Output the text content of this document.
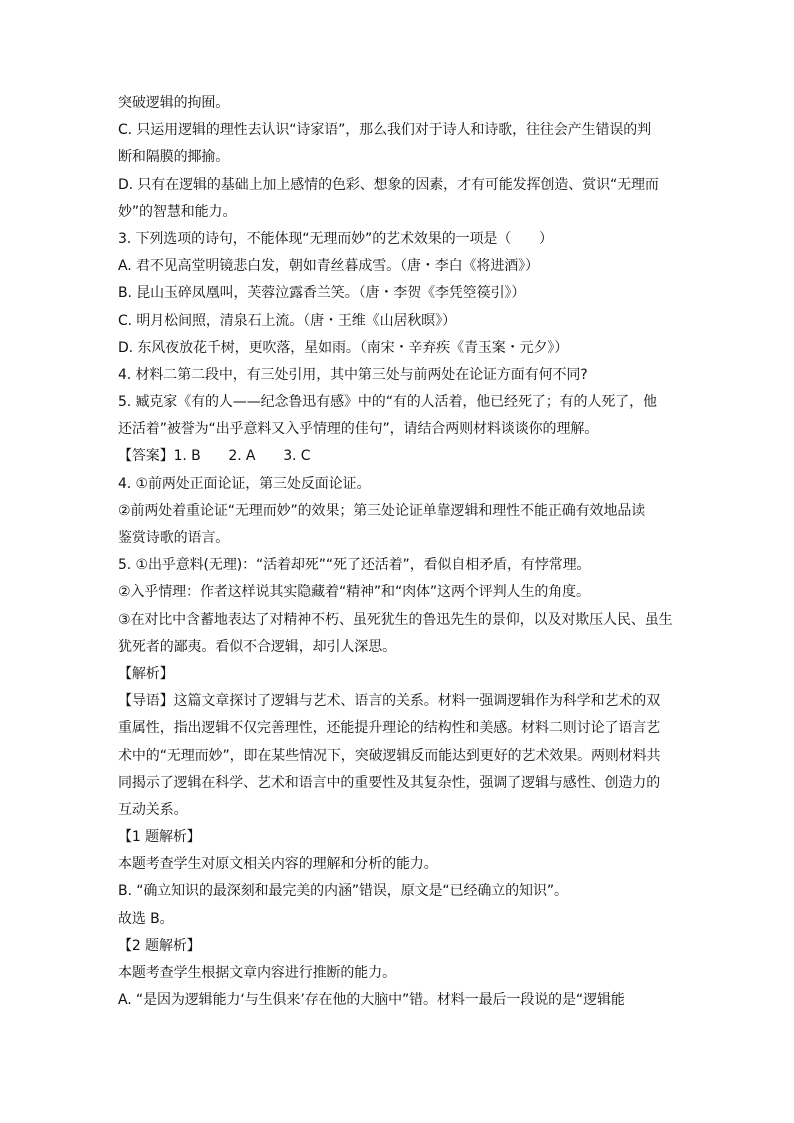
突破逻辑的拘囿。
C. 只运用逻辑的理性去认识“诗家语”，那么我们对于诗人和诗歌，往往会产生错误的判
断和隔膜的揶揄。
D. 只有在逻辑的基础上加上感情的色彩、想象的因素，才有可能发挥创造、赏识“无理而
妙”的智慧和能力。
3. 下列选项的诗句，不能体现“无理而妙”的艺术效果的一项是（　　）
A. 君不见高堂明镜悲白发，朝如青丝暮成雪。（唐・李白《将进酒》）
B. 昆山玉碎凤凰叫，芙蓉泣露香兰笑。（唐・李贺《李凭箜篌引》）
C. 明月松间照，清泉石上流。（唐・王维《山居秋暝》）
D. 东风夜放花千树，更吹落，星如雨。（南宋・辛弃疾《青玉案・元夕》）
4. 材料二第二段中，有三处引用，其中第三处与前两处在论证方面有何不同?
5. 臧克家《有的人——纪念鲁迅有感》中的“有的人活着，他已经死了；有的人死了，他
还活着”被誉为“出乎意料又入乎情理的佳句”，请结合两则材料谈谈你的理解。
【答案】1. B　　2. A　　3. C
4. ①前两处正面论证，第三处反面论证。
②前两处着重论证“无理而妙”的效果；第三处论证单靠逻辑和理性不能正确有效地品读
鉴赏诗歌的语言。
5. ①出乎意料(无理)：“活着却死”“死了还活着”，看似自相矛盾，有悖常理。
②入乎情理：作者这样说其实隐藏着“精神”和“肉体”这两个评判人生的角度。
③在对比中含蓄地表达了对精神不朽、虽死犹生的鲁迅先生的景仰，以及对欺压人民、虽生
犹死者的鄙夷。看似不合逻辑，却引人深思。
【解析】
【导语】这篇文章探讨了逻辑与艺术、语言的关系。材料一强调逻辑作为科学和艺术的双
重属性，指出逻辑不仅完善理性，还能提升理论的结构性和美感。材料二则讨论了语言艺
术中的“无理而妙”，即在某些情况下，突破逻辑反而能达到更好的艺术效果。两则材料共
同揭示了逻辑在科学、艺术和语言中的重要性及其复杂性，强调了逻辑与感性、创造力的
互动关系。
【1 题解析】
本题考查学生对原文相关内容的理解和分析的能力。
B. “确立知识的最深刻和最完美的内涵”错误，原文是“已经确立的知识”。
故选 B。
【2 题解析】
本题考查学生根据文章内容进行推断的能力。
A. “是因为逻辑能力‘与生俱来’存在他的大脑中”错。材料一最后一段说的是“逻辑能
